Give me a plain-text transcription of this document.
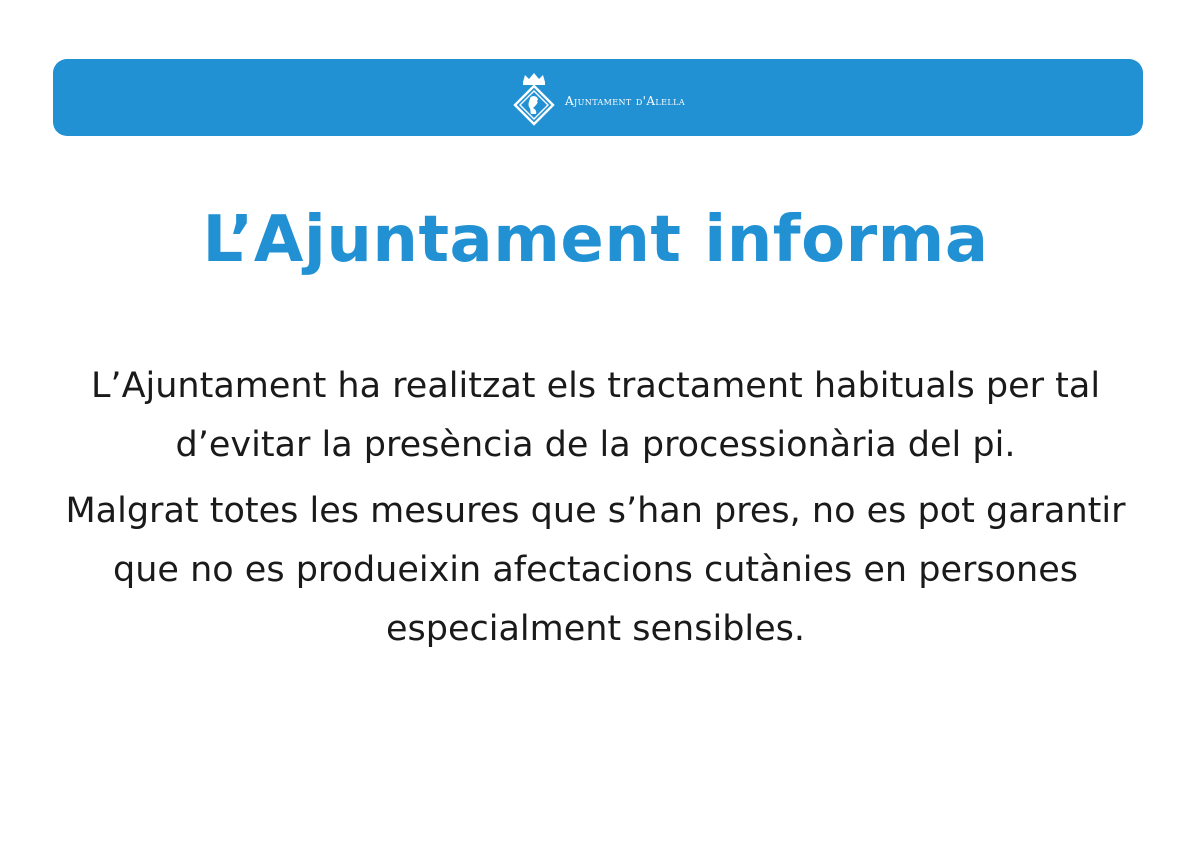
Ajuntament d'Alella
L’Ajuntament informa

L’Ajuntament ha realitzat els tractament habituals per tal d’evitar la presència de la processionària del pi.

Malgrat totes les mesures que s’han pres, no es pot garantir que no es produeixin afectacions cutànies en persones especialment sensibles.
